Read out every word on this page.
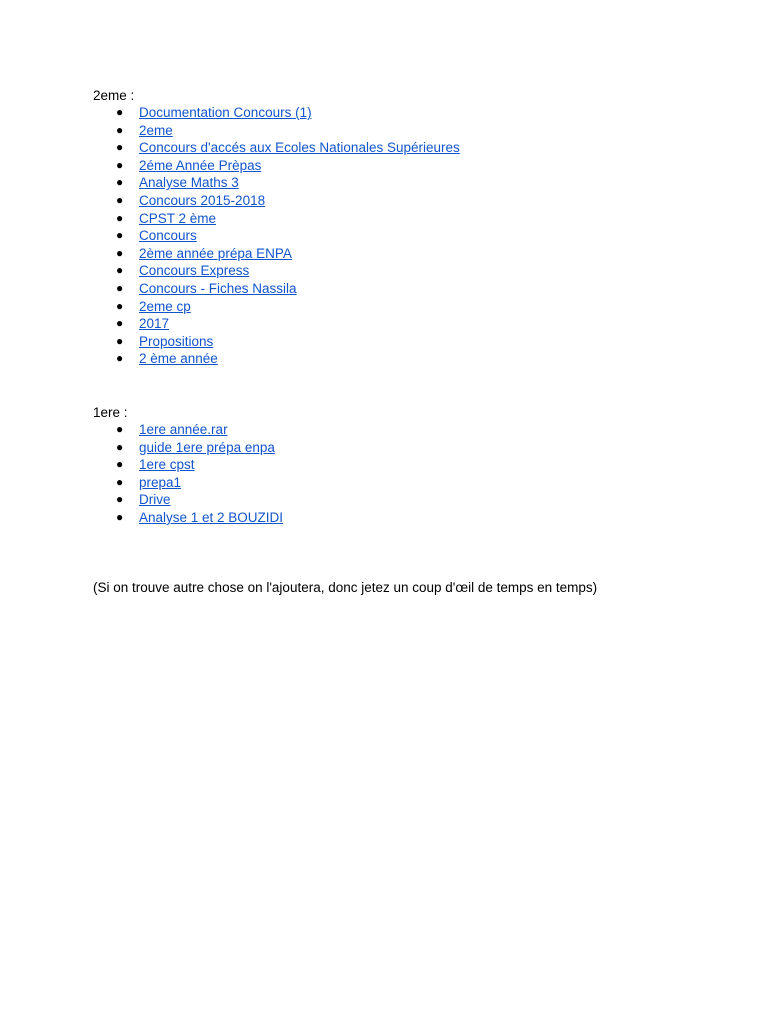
2eme :

● Documentation Concours (1)
● 2eme
● Concours d'accés aux Ecoles Nationales Supérieures
● 2éme Année Prèpas
● Analyse Maths 3
● Concours 2015-2018
● CPST 2 ème
● Concours
● 2ème année prépa ENPA
● Concours Express
● Concours - Fiches Nassila
● 2eme cp
● 2017
● Propositions
● 2 ème année

1ere :

● 1ere année.rar
● guide 1ere prépa enpa
● 1ere cpst
● prepa1
● Drive
● Analyse 1 et 2 BOUZIDI

(Si on trouve autre chose on l'ajoutera, donc jetez un coup d'œil de temps en temps)
